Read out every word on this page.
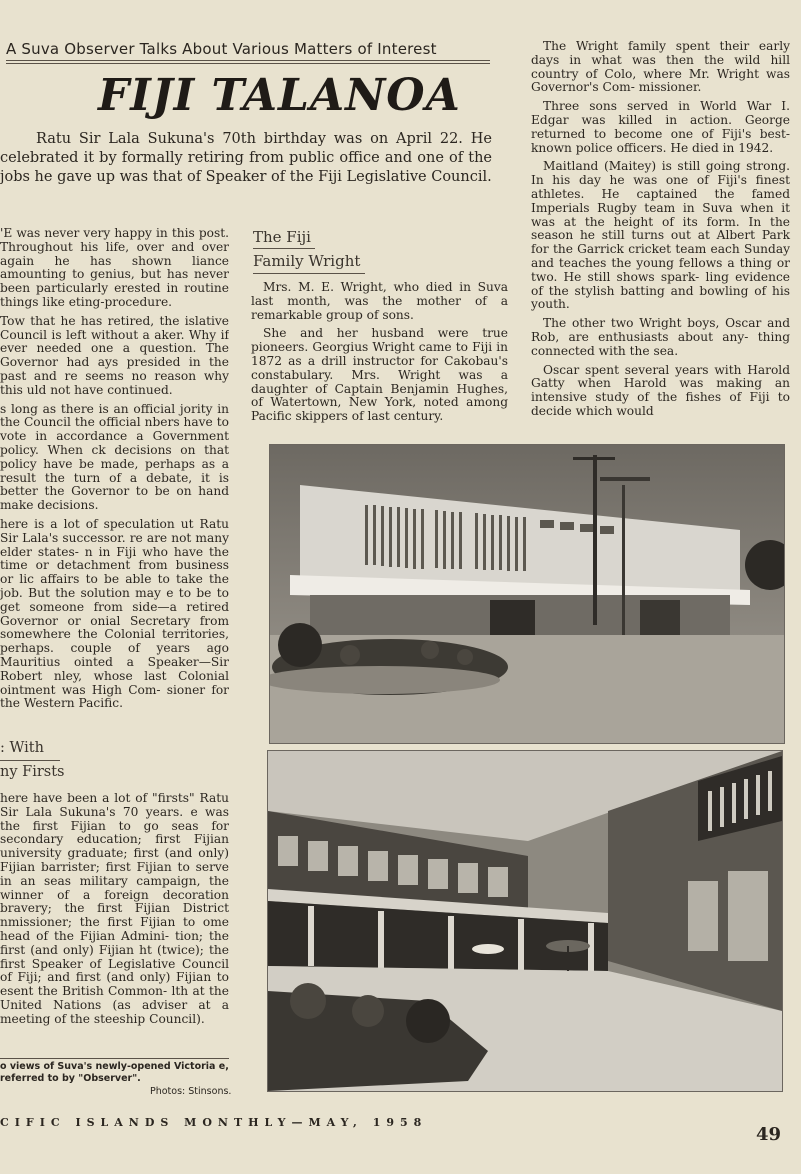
A Suva Observer Talks About Various Matters of Interest
FIJI TALANOA
Ratu Sir Lala Sukuna's 70th birthday was on April 22. He celebrated it by formally retiring from public office and one of the jobs he gave up was that of Speaker of the Fiji Legislative Council.

'E was never very happy in this post. Throughout his life, over and over again he has shown liance amounting to genius, but has never been particularly erested in routine things like eting-procedure.

Tow that he has retired, the islative Council is left without a aker. Why if ever needed one a question. The Governor had ays presided in the past and re seems no reason why this uld not have continued.

s long as there is an official jority in the Council the official nbers have to vote in accordance a Government policy. When ck decisions on that policy have be made, perhaps as a result the turn of a debate, it is better the Governor to be on hand make decisions.

here is a lot of speculation ut Ratu Sir Lala's successor. re are not many elder states- n in Fiji who have the time or detachment from business or lic affairs to be able to take the job. But the solution may e to be to get someone from side—a retired Governor or onial Secretary from somewhere the Colonial territories, perhaps. couple of years ago Mauritius ointed a Speaker—Sir Robert nley, whose last Colonial ointment was High Com- sioner for the Western Pacific.

: With
ny Firsts

here have been a lot of "firsts" Ratu Sir Lala Sukuna's 70 years. e was the first Fijian to go seas for secondary education; first Fijian university graduate; first (and only) Fijian barrister; first Fijian to serve in an seas military campaign, the winner of a foreign decoration bravery; the first Fijian District nmissioner; the first Fijian to ome head of the Fijian Admini- tion; the first (and only) Fijian ht (twice); the first Speaker of Legislative Council of Fiji; and first (and only) Fijian to esent the British Common- lth at the United Nations (as adviser at a meeting of the steeship Council).

o views of Suva's newly-opened Victoria e, referred to by "Observer".
Photos: Stinsons.
The Fiji
Family Wright

Mrs. M. E. Wright, who died in Suva last month, was the mother of a remarkable group of sons.

She and her husband were true pioneers. Georgius Wright came to Fiji in 1872 as a drill instructor for Cakobau's constabulary. Mrs. Wright was a daughter of Captain Benjamin Hughes, of Watertown, New York, noted among Pacific skippers of last century.

The Wright family spent their early days in what was then the wild hill country of Colo, where Mr. Wright was Governor's Com- missioner.

Three sons served in World War I. Edgar was killed in action. George returned to become one of Fiji's best-known police officers. He died in 1942.

Maitland (Maitey) is still going strong. In his day he was one of Fiji's finest athletes. He captained the famed Imperials Rugby team in Suva when it was at the height of its form. In the season he still turns out at Albert Park for the Garrick cricket team each Sunday and teaches the young fellows a thing or two. He still shows spark- ling evidence of the stylish batting and bowling of his youth.

The other two Wright boys, Oscar and Rob, are enthusiasts about any- thing connected with the sea.

Oscar spent several years with Harold Gatty when Harold was making an intensive study of the fishes of Fiji to decide which would

CIFIC ISLANDS MONTHLY—MAY, 1958
49
